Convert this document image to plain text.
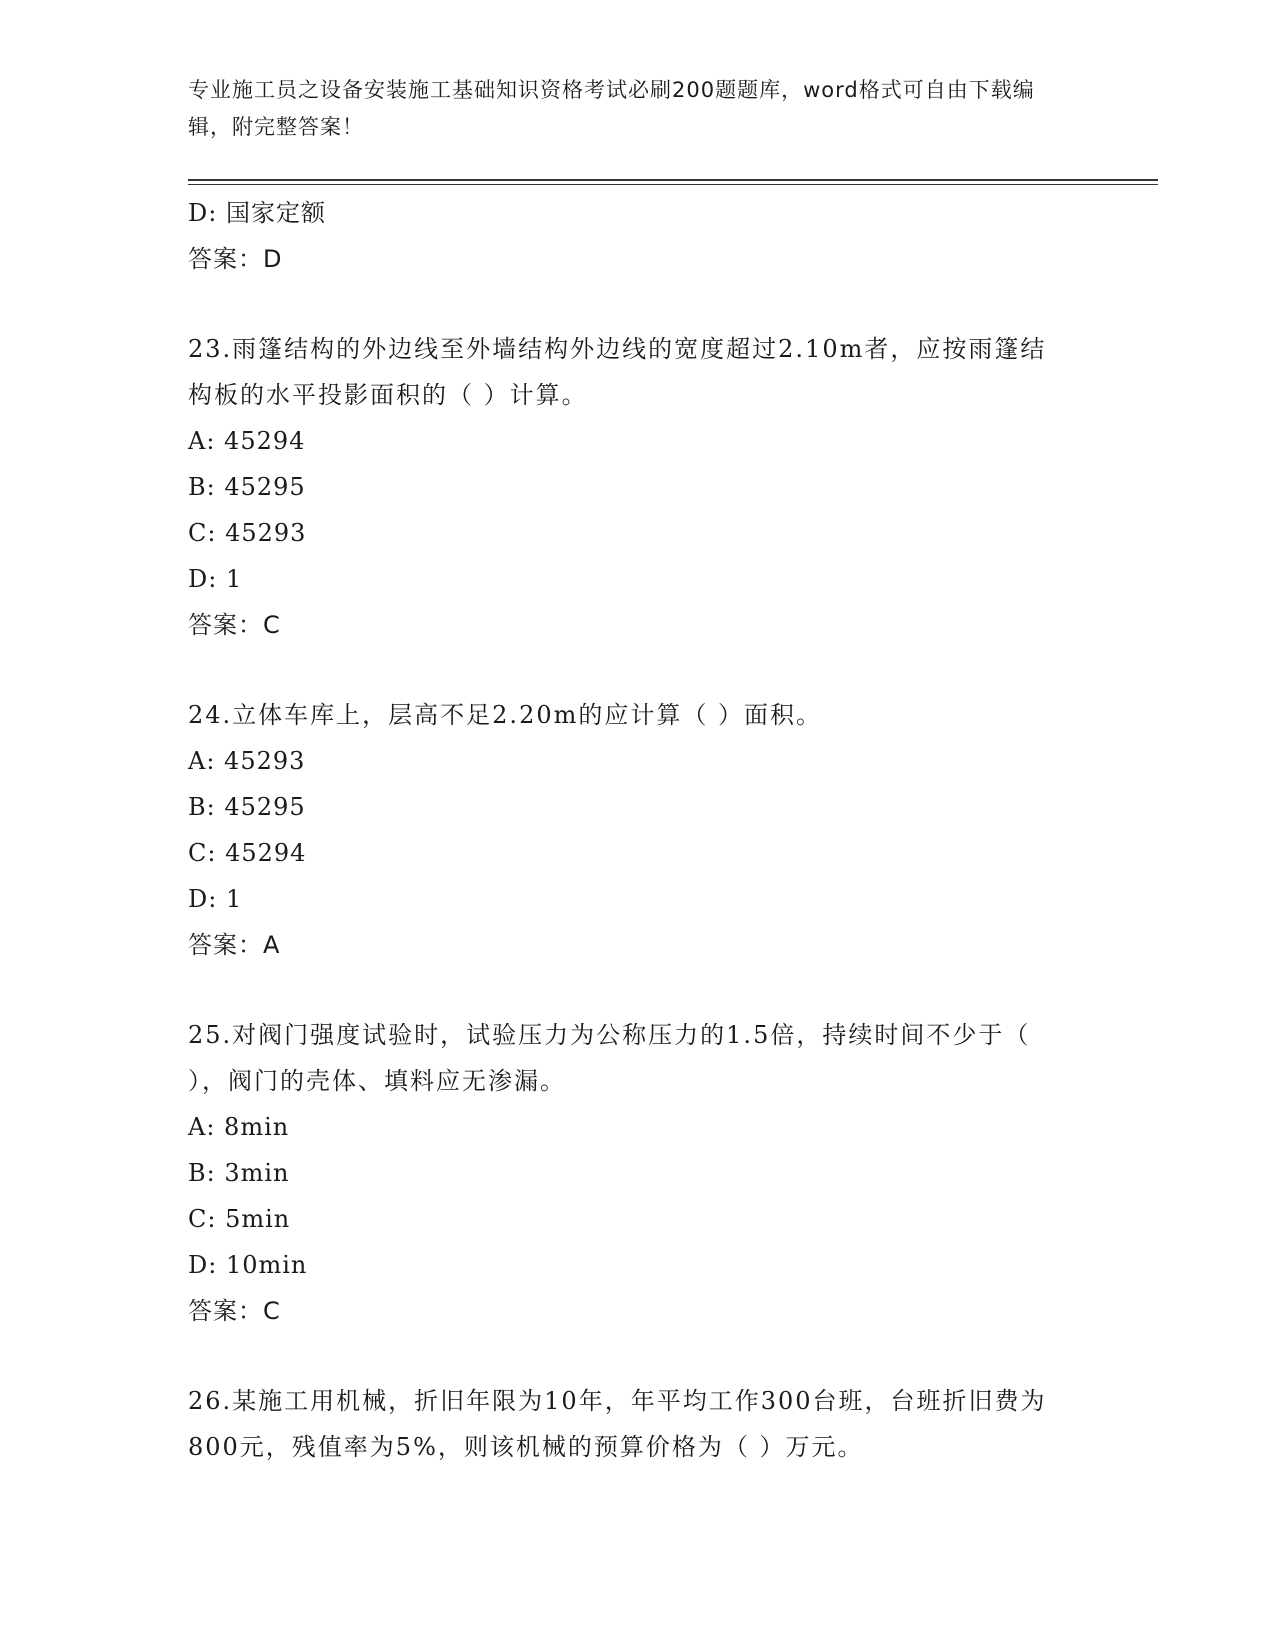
专业施工员之设备安装施工基础知识资格考试必刷200题题库，word格式可自由下载编辑，附完整答案！
D: 国家定额
答案：D
23.雨篷结构的外边线至外墙结构外边线的宽度超过2.10m者，应按雨篷结构板的水平投影面积的（ ）计算。
A: 45294
B: 45295
C: 45293
D: 1
答案：C
24.立体车库上，层高不足2.20m的应计算（ ）面积。
A: 45293
B: 45295
C: 45294
D: 1
答案：A
25.对阀门强度试验时，试验压力为公称压力的1.5倍，持续时间不少于（ ），阀门的壳体、填料应无渗漏。
A: 8min
B: 3min
C: 5min
D: 10min
答案：C
26.某施工用机械，折旧年限为10年，年平均工作300台班，台班折旧费为800元，残值率为5%，则该机械的预算价格为（ ）万元。
